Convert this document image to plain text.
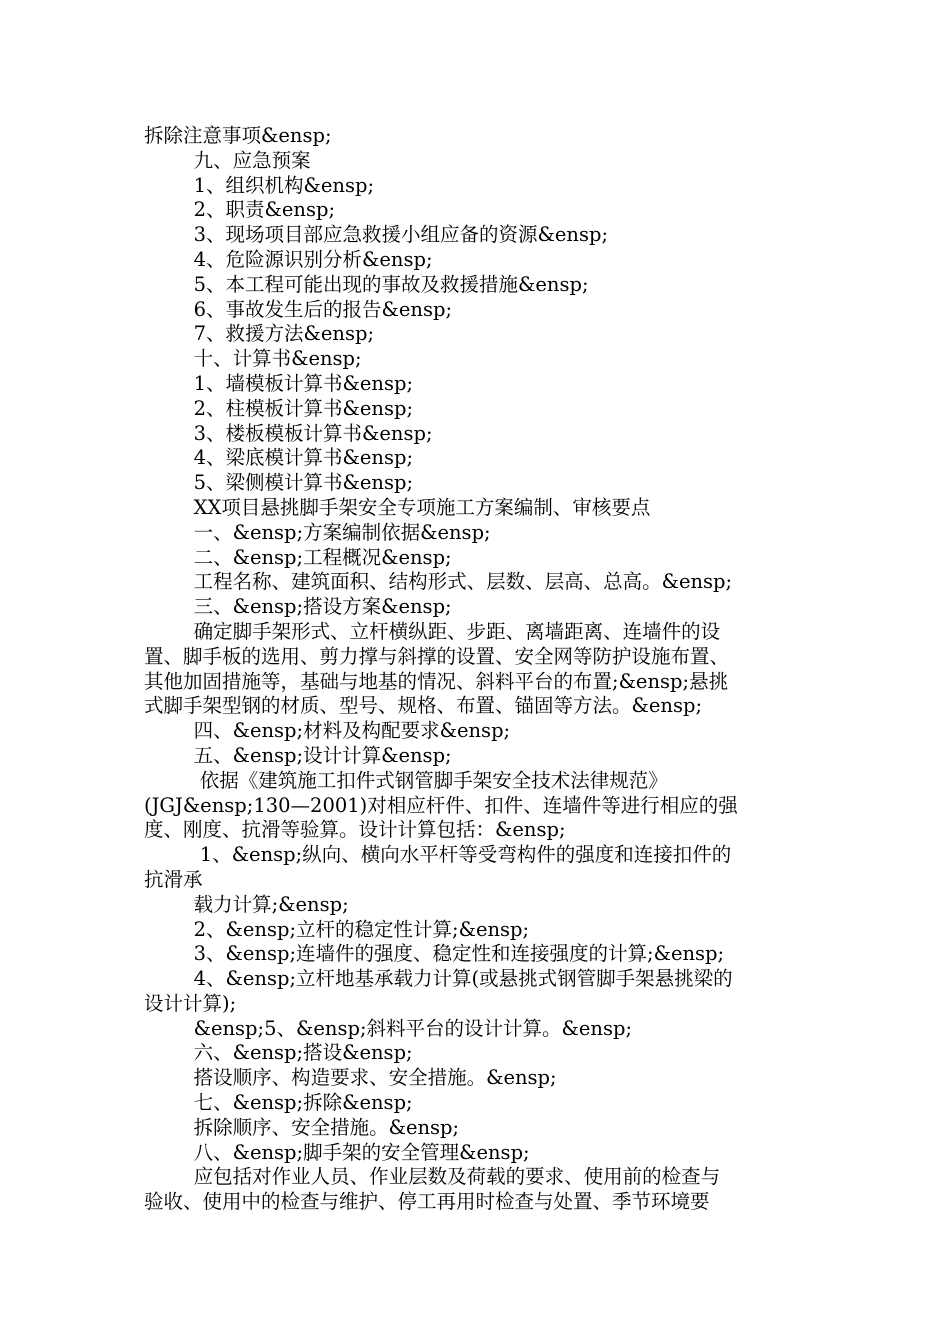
拆除注意事项&ensp;

九、应急预案

1、组织机构&ensp;

2、职责&ensp;

3、现场项目部应急救援小组应备的资源&ensp;

4、危险源识别分析&ensp;

5、本工程可能出现的事故及救援措施&ensp;

6、事故发生后的报告&ensp;

7、救援方法&ensp;

十、计算书&ensp;

1、墙模板计算书&ensp;

2、柱模板计算书&ensp;

3、楼板模板计算书&ensp;

4、梁底模计算书&ensp;

5、梁侧模计算书&ensp;

XX项目悬挑脚手架安全专项施工方案编制、审核要点

一、&ensp;方案编制依据&ensp;

二、&ensp;工程概况&ensp;

工程名称、建筑面积、结构形式、层数、层高、总高。&ensp;

三、&ensp;搭设方案&ensp;

确定脚手架形式、立杆横纵距、步距、离墙距离、连墙件的设
置、脚手板的选用、剪力撑与斜撑的设置、安全网等防护设施布置、
其他加固措施等，基础与地基的情况、斜料平台的布置;&ensp;悬挑
式脚手架型钢的材质、型号、规格、布置、锚固等方法。&ensp;

四、&ensp;材料及构配要求&ensp;

五、&ensp;设计计算&ensp;

依据《建筑施工扣件式钢管脚手架安全技术法律规范》
(JGJ&ensp;130—2001)对相应杆件、扣件、连墙件等进行相应的强
度、刚度、抗滑等验算。设计计算包括：&ensp;
1、&ensp;纵向、横向水平杆等受弯构件的强度和连接扣件的
抗滑承

载力计算;&ensp;

2、&ensp;立杆的稳定性计算;&ensp;

3、&ensp;连墙件的强度、稳定性和连接强度的计算;&ensp;

4、&ensp;立杆地基承载力计算(或悬挑式钢管脚手架悬挑梁的
设计计算);

&ensp;5、&ensp;斜料平台的设计计算。&ensp;

六、&ensp;搭设&ensp;

搭设顺序、构造要求、安全措施。&ensp;

七、&ensp;拆除&ensp;

拆除顺序、安全措施。&ensp;

八、&ensp;脚手架的安全管理&ensp;

应包括对作业人员、作业层数及荷载的要求、使用前的检查与
验收、使用中的检查与维护、停工再用时检查与处置、季节环境要
